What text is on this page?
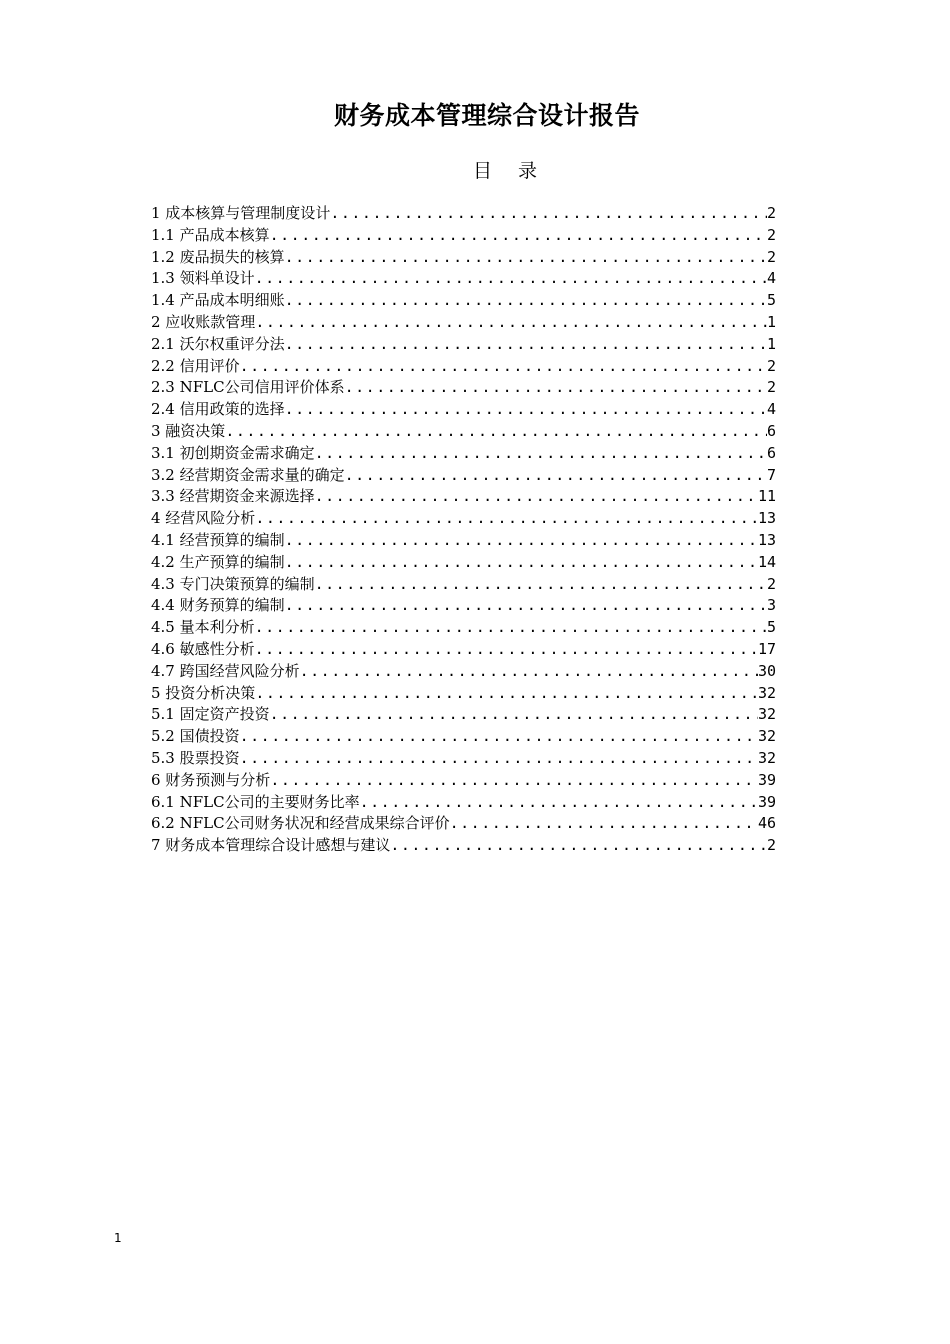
财务成本管理综合设计报告
目 录
1 成本核算与管理制度设计 .....	2
1.1 产品成本核算 .....	2
1.2 废品损失的核算 .....	2
1.3 领料单设计 .....	4
1.4 产品成本明细账 .....	5
2 应收账款管理 .....	1
2.1 沃尔权重评分法 .....	1
2.2 信用评价 .....	2
2.3 NFLC公司信用评价体系 .....	2
2.4 信用政策的选择 .....	4
3 融资决策 .....	6
3.1 初创期资金需求确定 .....	6
3.2 经营期资金需求量的确定 .....	7
3.3 经营期资金来源选择 .....	11
4 经营风险分析 .....	13
4.1 经营预算的编制 .....	13
4.2 生产预算的编制 .....	14
4.3 专门决策预算的编制 .....	2
4.4 财务预算的编制 .....	3
4.5 量本利分析 .....	5
4.6 敏感性分析 .....	17
4.7 跨国经营风险分析 .....	30
5 投资分析决策 .....	32
5.1 固定资产投资 .....	32
5.2 国债投资 .....	32
5.3 股票投资 .....	32
6 财务预测与分析 .....	39
6.1 NFLC公司的主要财务比率 .....	39
6.2 NFLC公司财务状况和经营成果综合评价 .....	46
7 财务成本管理综合设计感想与建议 .....	2
1
